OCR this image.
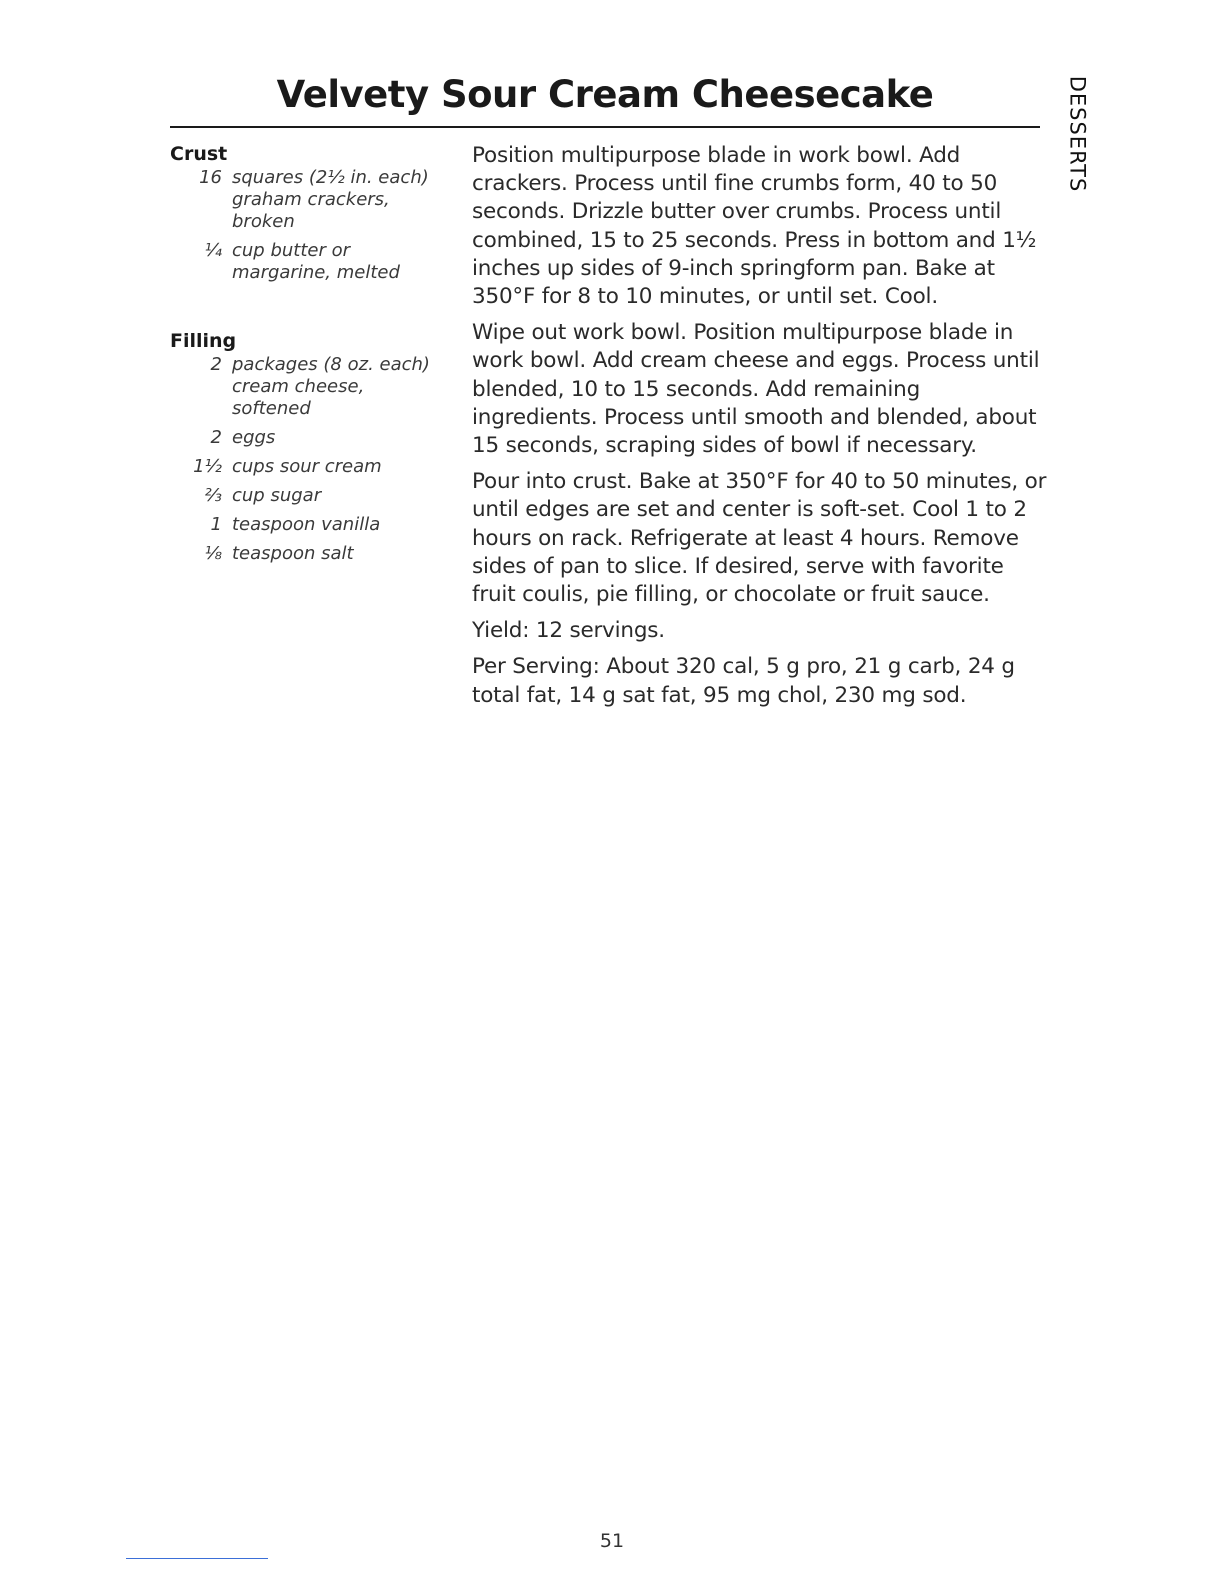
Velvety Sour Cream Cheesecake	DESSERTS
Crust
16 squares (2½ in. each) graham crackers, broken
¼ cup butter or margarine, melted
Filling
2 packages (8 oz. each) cream cheese, softened
2 eggs
1½ cups sour cream
⅔ cup sugar
1 teaspoon vanilla
⅛ teaspoon salt

Position multipurpose blade in work bowl. Add crackers. Process until fine crumbs form, 40 to 50 seconds. Drizzle butter over crumbs. Process until combined, 15 to 25 seconds. Press in bottom and 1½ inches up sides of 9-inch springform pan. Bake at 350°F for 8 to 10 minutes, or until set. Cool.

Wipe out work bowl. Position multipurpose blade in work bowl. Add cream cheese and eggs. Process until blended, 10 to 15 seconds. Add remaining ingredients. Process until smooth and blended, about 15 seconds, scraping sides of bowl if necessary.

Pour into crust. Bake at 350°F for 40 to 50 minutes, or until edges are set and center is soft-set. Cool 1 to 2 hours on rack. Refrigerate at least 4 hours. Remove sides of pan to slice. If desired, serve with favorite fruit coulis, pie filling, or chocolate or fruit sauce.

Yield: 12 servings.

Per Serving: About 320 cal, 5 g pro, 21 g carb, 24 g total fat, 14 g sat fat, 95 mg chol, 230 mg sod.

51
